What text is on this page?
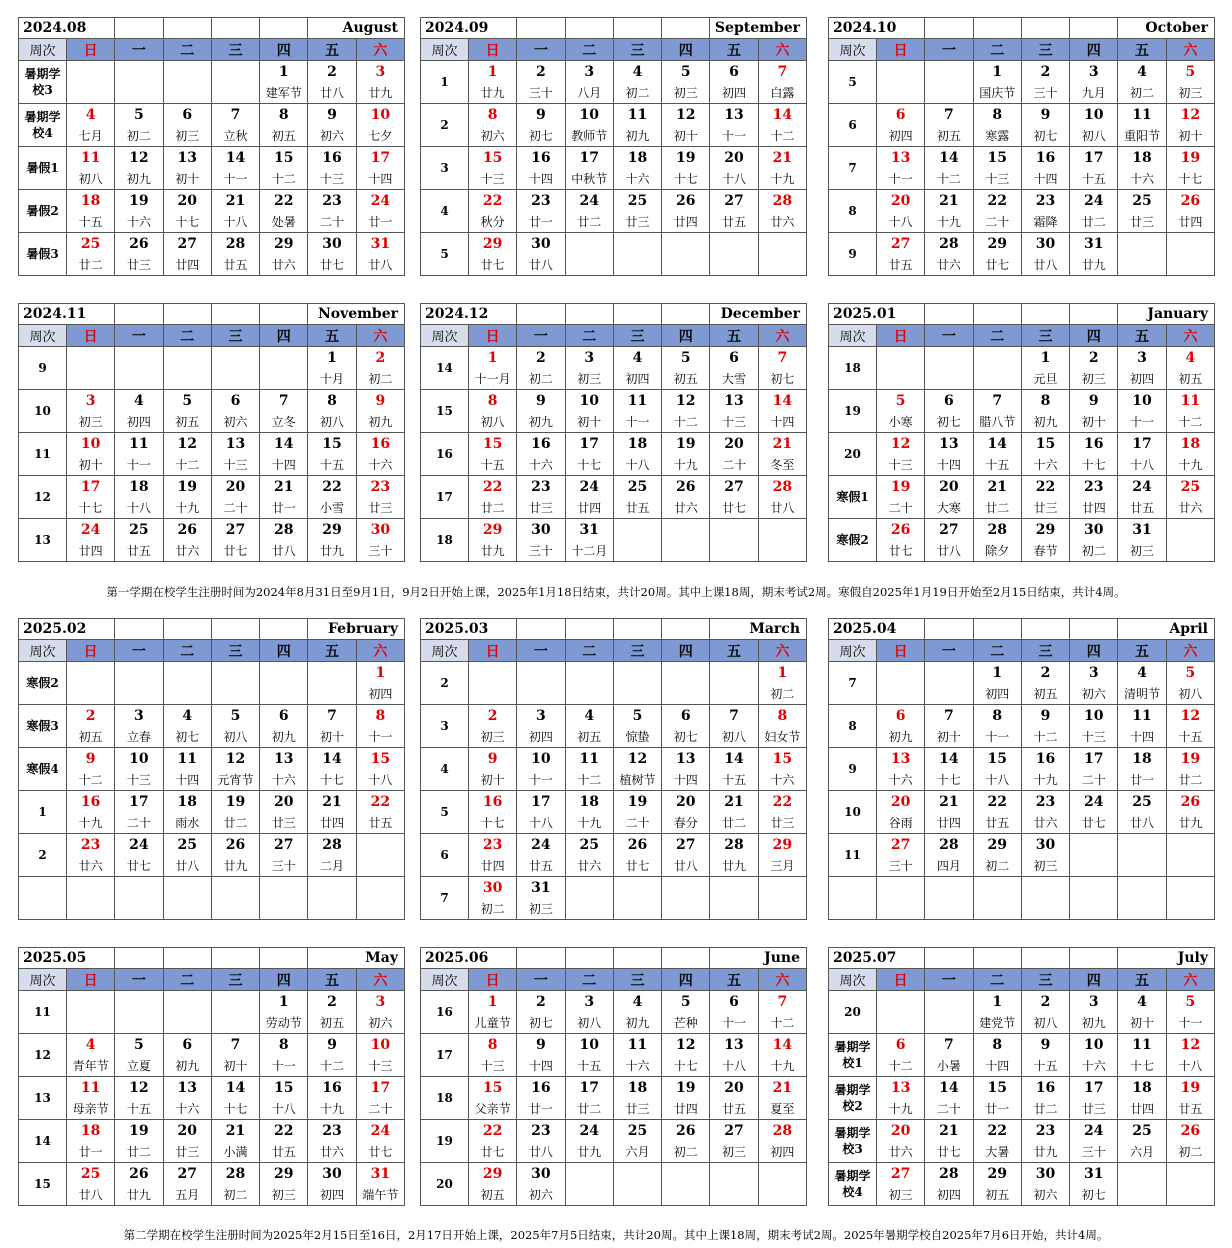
2024.08						August	
周次	日	一	二	三	四	五	六
暑期学校3					1	2	3
					建军节	廿八	廿九
暑期学校4	4	5	6	7	8	9	10
	七月	初二	初三	立秋	初五	初六	七夕
暑假1	11	12	13	14	15	16	17
	初八	初九	初十	十一	十二	十三	十四
暑假2	18	19	20	21	22	23	24
	十五	十六	十七	十八	处暑	二十	廿一
暑假3	25	26	27	28	29	30	31
	廿二	廿三	廿四	廿五	廿六	廿七	廿八
2024.09						September	
周次	日	一	二	三	四	五	六
1	1	2	3	4	5	6	7
	廿九	三十	八月	初二	初三	初四	白露
2	8	9	10	11	12	13	14
	初六	初七	教师节	初九	初十	十一	十二
3	15	16	17	18	19	20	21
	十三	十四	中秋节	十六	十七	十八	十九
4	22	23	24	25	26	27	28
	秋分	廿一	廿二	廿三	廿四	廿五	廿六
5	29	30					
	廿七	廿八					
2024.10						October	
周次	日	一	二	三	四	五	六
5			1	2	3	4	5
			国庆节	三十	九月	初二	初三
6	6	7	8	9	10	11	12
	初四	初五	寒露	初七	初八	重阳节	初十
7	13	14	15	16	17	18	19
	十一	十二	十三	十四	十五	十六	十七
8	20	21	22	23	24	25	26
	十八	十九	二十	霜降	廿二	廿三	廿四
9	27	28	29	30	31		
	廿五	廿六	廿七	廿八	廿九		
2024.11						November	
周次	日	一	二	三	四	五	六
9						1	2
						十月	初二
10	3	4	5	6	7	8	9
	初三	初四	初五	初六	立冬	初八	初九
11	10	11	12	13	14	15	16
	初十	十一	十二	十三	十四	十五	十六
12	17	18	19	20	21	22	23
	十七	十八	十九	二十	廿一	小雪	廿三
13	24	25	26	27	28	29	30
	廿四	廿五	廿六	廿七	廿八	廿九	三十
2024.12						December	
周次	日	一	二	三	四	五	六
14	1	2	3	4	5	6	7
	十一月	初二	初三	初四	初五	大雪	初七
15	8	9	10	11	12	13	14
	初八	初九	初十	十一	十二	十三	十四
16	15	16	17	18	19	20	21
	十五	十六	十七	十八	十九	二十	冬至
17	22	23	24	25	26	27	28
	廿二	廿三	廿四	廿五	廿六	廿七	廿八
18	29	30	31				
	廿九	三十	十二月				
2025.01						January	
周次	日	一	二	三	四	五	六
18				1	2	3	4
				元旦	初三	初四	初五
19	5	6	7	8	9	10	11
	小寒	初七	腊八节	初九	初十	十一	十二
20	12	13	14	15	16	17	18
	十三	十四	十五	十六	十七	十八	十九
寒假1	19	20	21	22	23	24	25
	二十	大寒	廿二	廿三	廿四	廿五	廿六
寒假2	26	27	28	29	30	31	
	廿七	廿八	除夕	春节	初二	初三	
2025.02						February	
周次	日	一	二	三	四	五	六
寒假2							1
							初四
寒假3	2	3	4	5	6	7	8
	初五	立春	初七	初八	初九	初十	十一
寒假4	9	10	11	12	13	14	15
	十二	十三	十四	元宵节	十六	十七	十八
1	16	17	18	19	20	21	22
	十九	二十	雨水	廿二	廿三	廿四	廿五
2	23	24	25	26	27	28	
	廿六	廿七	廿八	廿九	三十	二月	

2025.03						March	
周次	日	一	二	三	四	五	六
2							1
							初二
3	2	3	4	5	6	7	8
	初三	初四	初五	惊蛰	初七	初八	妇女节
4	9	10	11	12	13	14	15
	初十	十一	十二	植树节	十四	十五	十六
5	16	17	18	19	20	21	22
	十七	十八	十九	二十	春分	廿二	廿三
6	23	24	25	26	27	28	29
	廿四	廿五	廿六	廿七	廿八	廿九	三月
7	30	31					
	初二	初三					
2025.04						April	
周次	日	一	二	三	四	五	六
7			1	2	3	4	5
			初四	初五	初六	清明节	初八
8	6	7	8	9	10	11	12
	初九	初十	十一	十二	十三	十四	十五
9	13	14	15	16	17	18	19
	十六	十七	十八	十九	二十	廿一	廿二
10	20	21	22	23	24	25	26
	谷雨	廿四	廿五	廿六	廿七	廿八	廿九
11	27	28	29	30			
	三十	四月	初二	初三			

2025.05						May	
周次	日	一	二	三	四	五	六
11					1	2	3
					劳动节	初五	初六
12	4	5	6	7	8	9	10
	青年节	立夏	初九	初十	十一	十二	十三
13	11	12	13	14	15	16	17
	母亲节	十五	十六	十七	十八	十九	二十
14	18	19	20	21	22	23	24
	廿一	廿二	廿三	小满	廿五	廿六	廿七
15	25	26	27	28	29	30	31
	廿八	廿九	五月	初二	初三	初四	端午节
2025.06						June	
周次	日	一	二	三	四	五	六
16	1	2	3	4	5	6	7
	儿童节	初七	初八	初九	芒种	十一	十二
17	8	9	10	11	12	13	14
	十三	十四	十五	十六	十七	十八	十九
18	15	16	17	18	19	20	21
	父亲节	廿一	廿二	廿三	廿四	廿五	夏至
19	22	23	24	25	26	27	28
	廿七	廿八	廿九	六月	初二	初三	初四
20	29	30					
	初五	初六					
2025.07						July	
周次	日	一	二	三	四	五	六
20			1	2	3	4	5
			建党节	初八	初九	初十	十一
暑期学校1	6	7	8	9	10	11	12
	十二	小暑	十四	十五	十六	十七	十八
暑期学校2	13	14	15	16	17	18	19
	十九	二十	廿一	廿二	廿三	廿四	廿五
暑期学校3	20	21	22	23	24	25	26
	廿六	廿七	大暑	廿九	三十	六月	初二
暑期学校4	27	28	29	30	31		
	初三	初四	初五	初六	初七		
第一学期在校学生注册时间为2024年8月31日至9月1日，9月2日开始上课，2025年1月18日结束，共计20周。其中上课18周，期末考试2周。寒假自2025年1月19日开始至2月15日结束，共计4周。
第二学期在校学生注册时间为2025年2月15日至16日，2月17日开始上课，2025年7月5日结束，共计20周。其中上课18周，期末考试2周。2025年暑期学校自2025年7月6日开始，共计4周。
